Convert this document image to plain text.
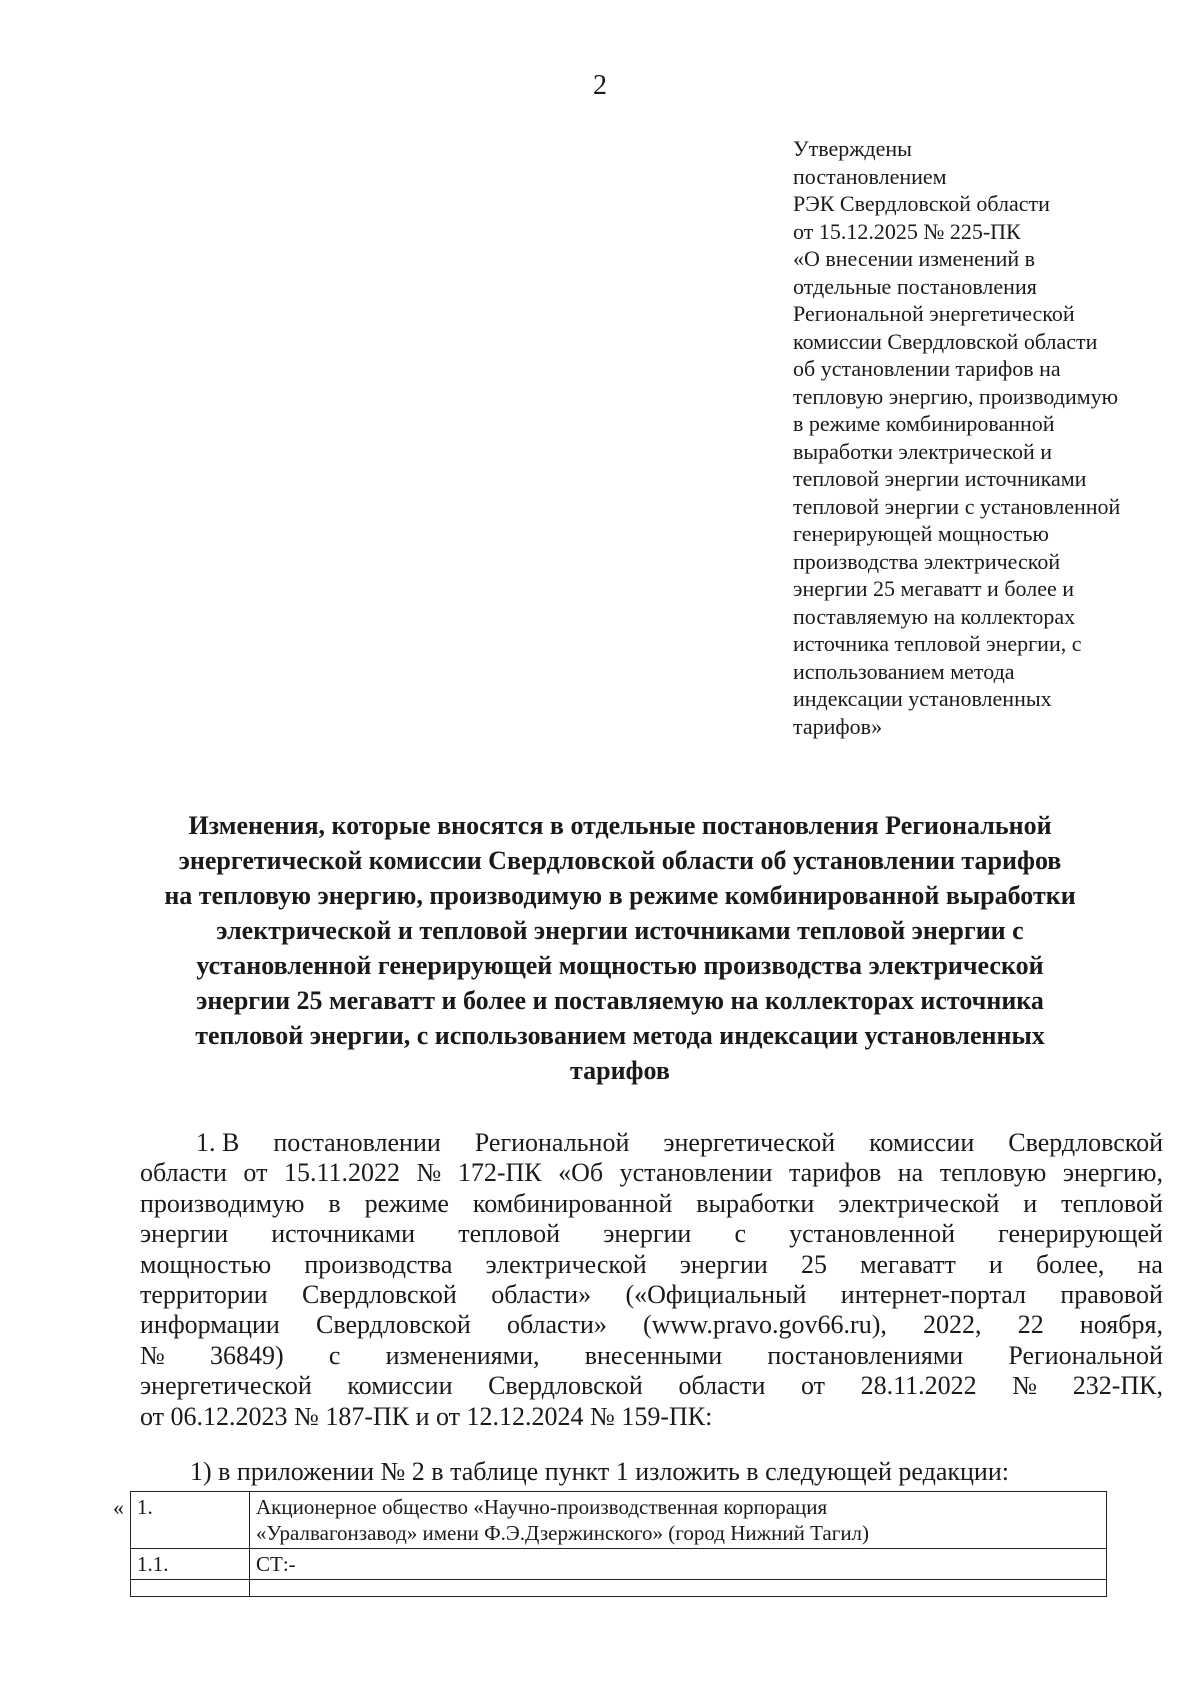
2
Утверждены
постановлением
РЭК Свердловской области
от 15.12.2025 № 225-ПК
«О внесении изменений в
отдельные постановления
Региональной энергетической
комиссии Свердловской области
об установлении тарифов на
тепловую энергию, производимую
в режиме комбинированной
выработки электрической и
тепловой энергии источниками
тепловой энергии с установленной
генерирующей мощностью
производства электрической
энергии 25 мегаватт и более и
поставляемую на коллекторах
источника тепловой энергии, с
использованием метода
индексации установленных
тарифов»
Изменения, которые вносятся в отдельные постановления Региональной
энергетической комиссии Свердловской области об установлении тарифов
на тепловую энергию, производимую в режиме комбинированной выработки
электрической и тепловой энергии источниками тепловой энергии с
установленной генерирующей мощностью производства электрической
энергии 25 мегаватт и более и поставляемую на коллекторах источника
тепловой энергии, с использованием метода индексации установленных
тарифов
1. В постановлении Региональной энергетической комиссии Свердловской
области от 15.11.2022 № 172-ПК «Об установлении тарифов на тепловую энергию,
производимую в режиме комбинированной выработки электрической и тепловой
энергии источниками тепловой энергии с установленной генерирующей
мощностью производства электрической энергии 25 мегаватт и более, на
территории Свердловской области» («Официальный интернет-портал правовой
информации Свердловской области» (www.pravo.gov66.ru), 2022, 22 ноября,
№ 36849) с изменениями, внесенными постановлениями Региональной
энергетической комиссии Свердловской области от 28.11.2022 № 232-ПК,
от 06.12.2023 № 187-ПК и от 12.12.2024 № 159-ПК:
1) в приложении № 2 в таблице пункт 1 изложить в следующей редакции:
« 1.	Акционерное общество «Научно-производственная корпорация
«Уралвагонзавод» имени Ф.Э.Дзержинского» (город Нижний Тагил)

1.1.	СТ:-
